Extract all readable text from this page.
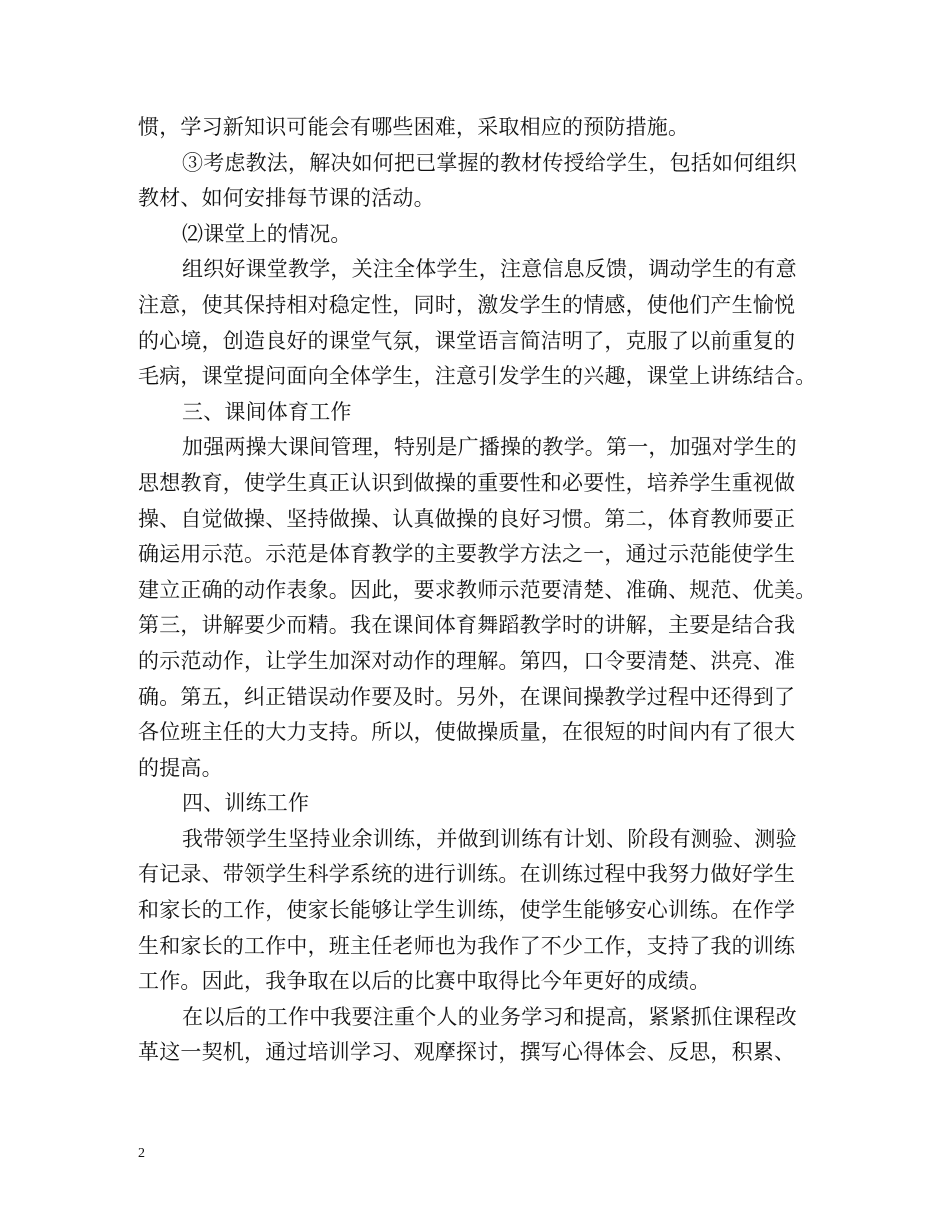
惯，学习新知识可能会有哪些困难，采取相应的预防措施。
③考虑教法，解决如何把已掌握的教材传授给学生，包括如何组织
教材、如何安排每节课的活动。
⑵课堂上的情况。
组织好课堂教学，关注全体学生，注意信息反馈，调动学生的有意
注意，使其保持相对稳定性，同时，激发学生的情感，使他们产生愉悦
的心境，创造良好的课堂气氛，课堂语言简洁明了，克服了以前重复的
毛病，课堂提问面向全体学生，注意引发学生的兴趣，课堂上讲练结合。
三、课间体育工作
加强两操大课间管理，特别是广播操的教学。第一，加强对学生的
思想教育，使学生真正认识到做操的重要性和必要性，培养学生重视做
操、自觉做操、坚持做操、认真做操的良好习惯。第二，体育教师要正
确运用示范。示范是体育教学的主要教学方法之一，通过示范能使学生
建立正确的动作表象。因此，要求教师示范要清楚、准确、规范、优美。
第三，讲解要少而精。我在课间体育舞蹈教学时的讲解，主要是结合我
的示范动作，让学生加深对动作的理解。第四，口令要清楚、洪亮、准
确。第五，纠正错误动作要及时。另外，在课间操教学过程中还得到了
各位班主任的大力支持。所以，使做操质量，在很短的时间内有了很大
的提高。
四、训练工作
我带领学生坚持业余训练，并做到训练有计划、阶段有测验、测验
有记录、带领学生科学系统的进行训练。在训练过程中我努力做好学生
和家长的工作，使家长能够让学生训练，使学生能够安心训练。在作学
生和家长的工作中，班主任老师也为我作了不少工作，支持了我的训练
工作。因此，我争取在以后的比赛中取得比今年更好的成绩。
在以后的工作中我要注重个人的业务学习和提高，紧紧抓住课程改
革这一契机，通过培训学习、观摩探讨，撰写心得体会、反思，积累、
2
